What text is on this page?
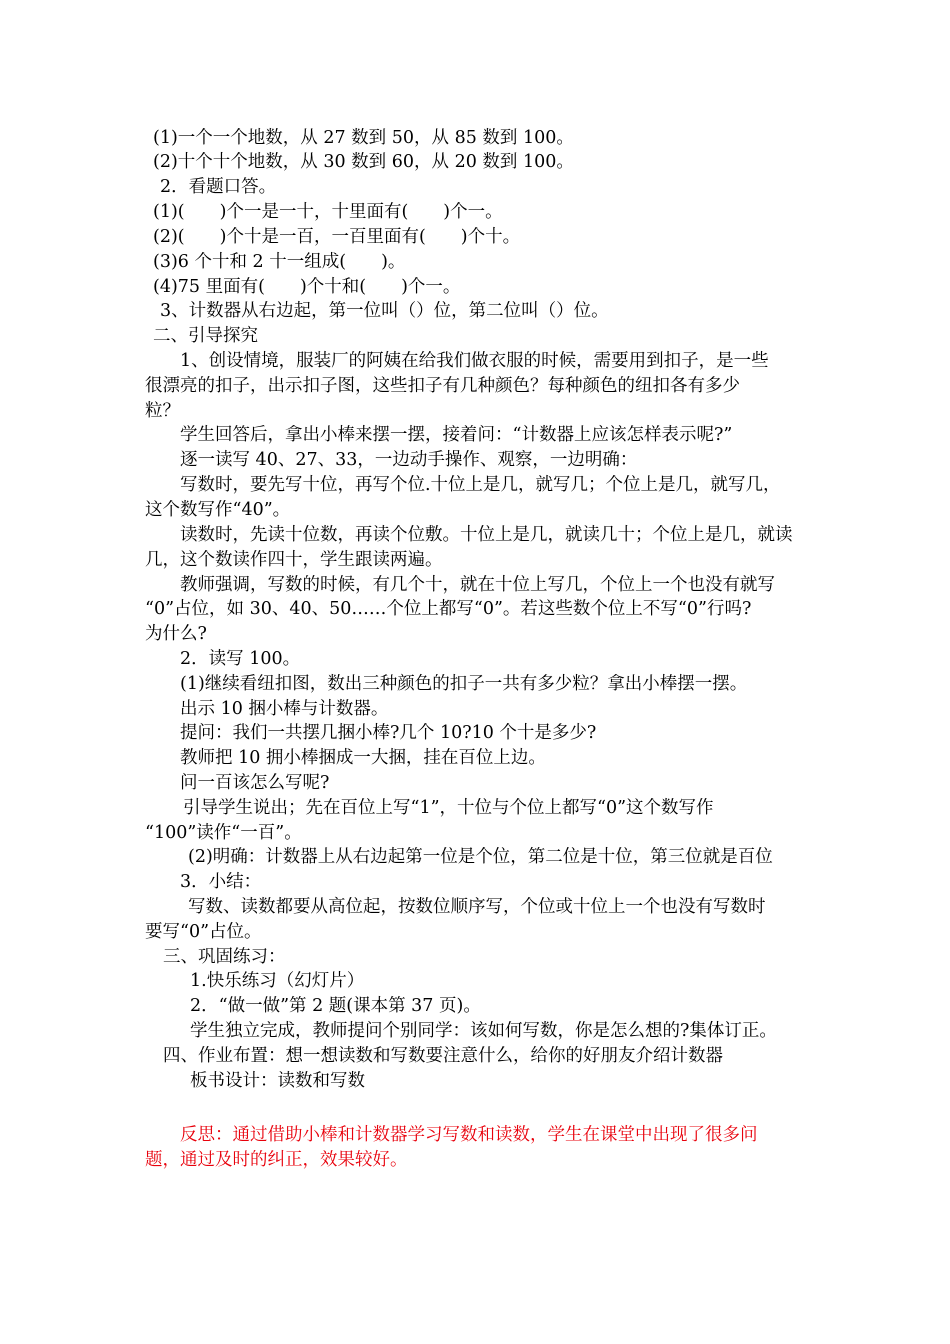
(1)一个一个地数，从 27 数到 50，从 85 数到 100。
(2)十个十个地数，从 30 数到 60，从 20 数到 100。
2．看题口答。
(1)(　　)个一是一十，十里面有(　　)个一。
(2)(　　)个十是一百，一百里面有(　　)个十。
(3)6 个十和 2 十一组成(　　)。
(4)75 里面有(　　)个十和(　　)个一。
3、计数器从右边起，第一位叫（）位，第二位叫（）位。
二、引导探究
1、创设情境，服装厂的阿姨在给我们做衣服的时候，需要用到扣子，是一些
很漂亮的扣子，出示扣子图，这些扣子有几种颜色？每种颜色的纽扣各有多少
粒？
学生回答后，拿出小棒来摆一摆，接着问：“计数器上应该怎样表示呢?”
逐一读写 40、27、33，一边动手操作、观察，一边明确：
写数时，要先写十位，再写个位.十位上是几，就写几；个位上是几，就写几，
这个数写作“40”。
读数时，先读十位数，再读个位敷。十位上是几，就读几十；个位上是几，就读
几，这个数读作四十，学生跟读两遍。
教师强调，写数的时候，有几个十，就在十位上写几，个位上一个也没有就写
“0”占位，如 30、40、50……个位上都写“0”。若这些数个位上不写“0”行吗?
为什么?
2．读写 100。
(1)继续看纽扣图，数出三种颜色的扣子一共有多少粒？拿出小棒摆一摆。
出示 10 捆小棒与计数器。
提问：我们一共摆几捆小棒?几个 10?10 个十是多少?
教师把 10 拥小棒捆成一大捆，挂在百位上边。
问一百该怎么写呢?
引导学生说出；先在百位上写“1”，十位与个位上都写“0”这个数写作
“100”读作“一百”。
(2)明确：计数器上从右边起第一位是个位，第二位是十位，第三位就是百位
3．小结：
写数、读数都要从高位起，按数位顺序写，个位或十位上一个也没有写数时
要写“0”占位。
三、巩固练习：
1.快乐练习（幻灯片）
2．“做一做”第 2 题(课本第 37 页)。
学生独立完成，教师提问个别同学：该如何写数，你是怎么想的?集体订正。
四、作业布置：想一想读数和写数要注意什么，给你的好朋友介绍计数器
板书设计：读数和写数
反思：通过借助小棒和计数器学习写数和读数，学生在课堂中出现了很多问
题，通过及时的纠正，效果较好。
